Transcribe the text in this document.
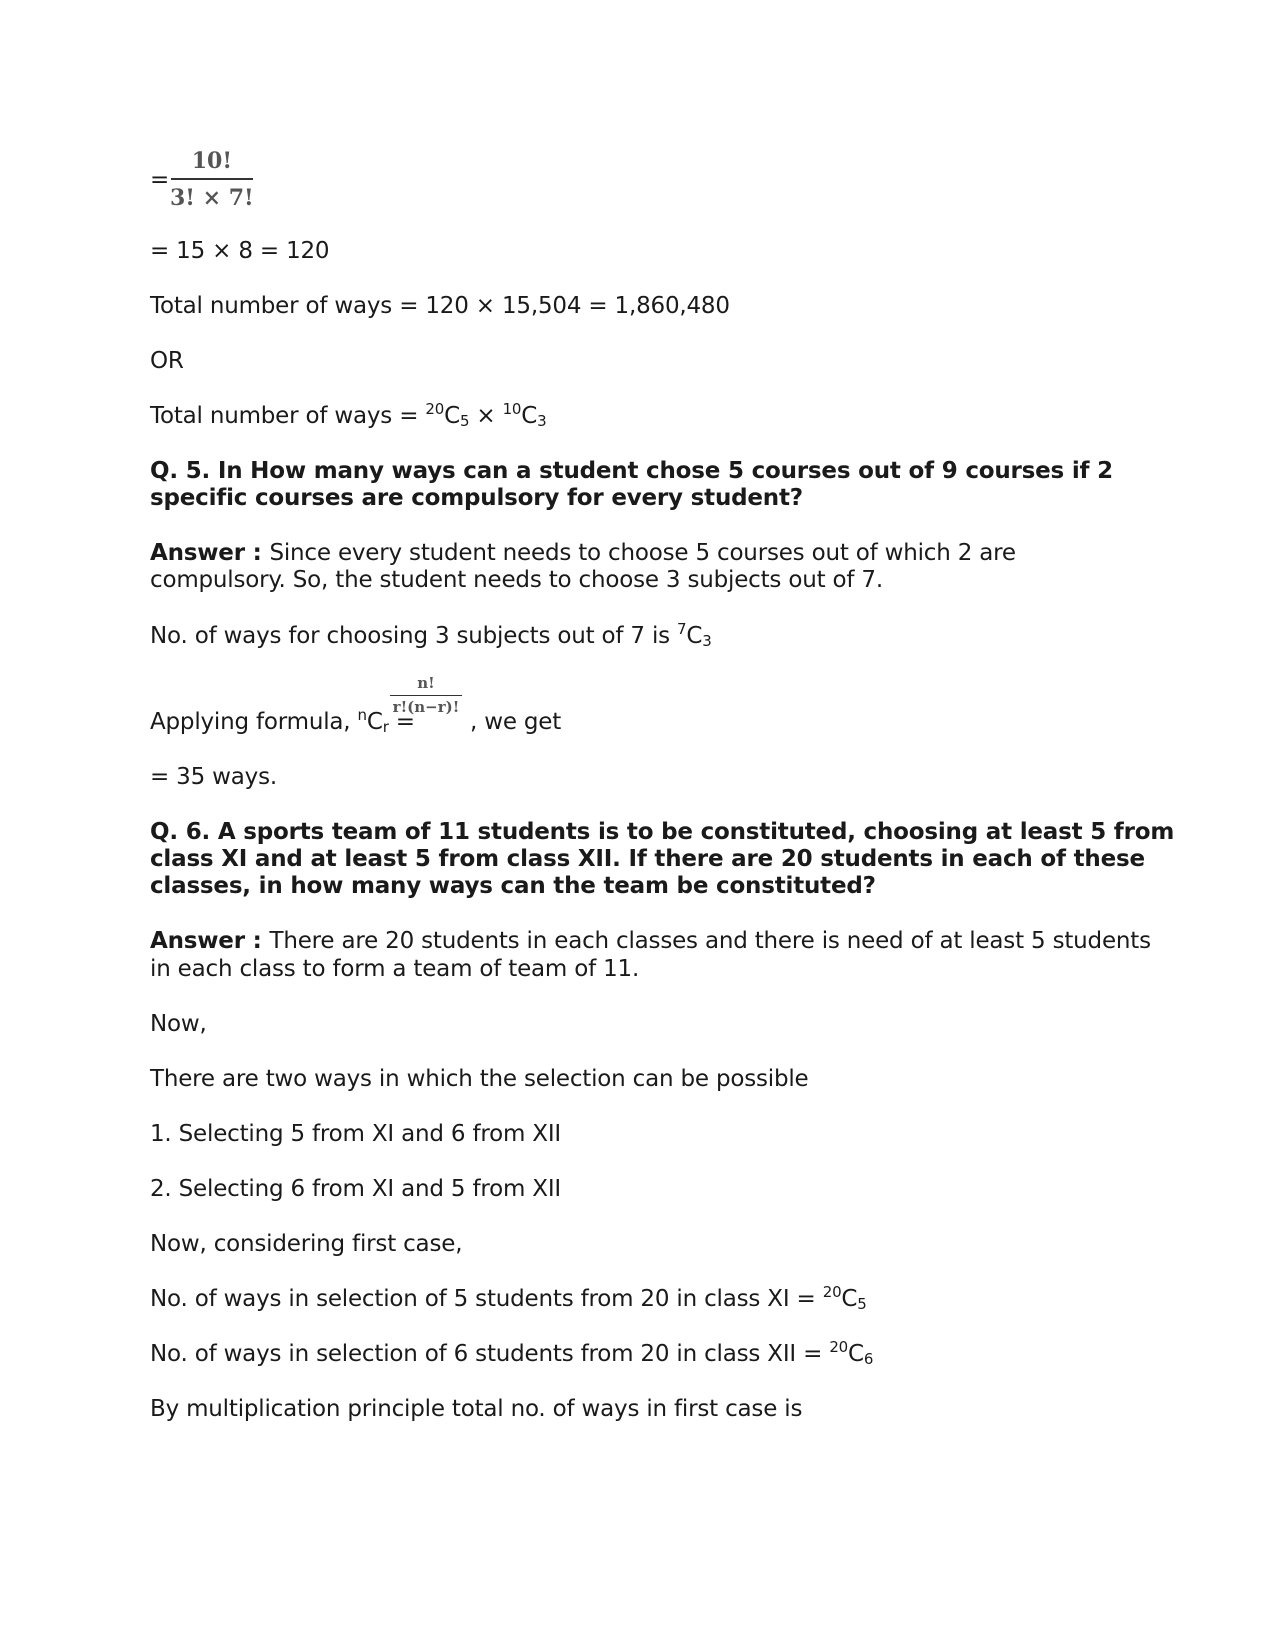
=
10!
3! × 7!
= 15 × 8 = 120
Total number of ways = 120 × 15,504 = 1,860,480
OR
Total number of ways = $^{20}C_5 \times ^{10}C_3$
Q. 5. In How many ways can a student chose 5 courses out of 9 courses if 2
specific courses are compulsory for every student?
Answer : Since every student needs to choose 5 courses out of which 2 are
compulsory. So, the student needs to choose 3 subjects out of 7.
No. of ways for choosing 3 subjects out of 7 is $^7C_3$
Applying formula, $^nC_r$ =
n!
r!(n−r)!
, we get
= 35 ways.
Q. 6. A sports team of 11 students is to be constituted, choosing at least 5 from
class XI and at least 5 from class XII. If there are 20 students in each of these
classes, in how many ways can the team be constituted?
Answer : There are 20 students in each classes and there is need of at least 5 students
in each class to form a team of team of 11.
Now,
There are two ways in which the selection can be possible
1. Selecting 5 from XI and 6 from XII
2. Selecting 6 from XI and 5 from XII
Now, considering first case,
No. of ways in selection of 5 students from 20 in class XI = $^{20}C_5$
No. of ways in selection of 6 students from 20 in class XII = $^{20}C_6$
By multiplication principle total no. of ways in first case is
